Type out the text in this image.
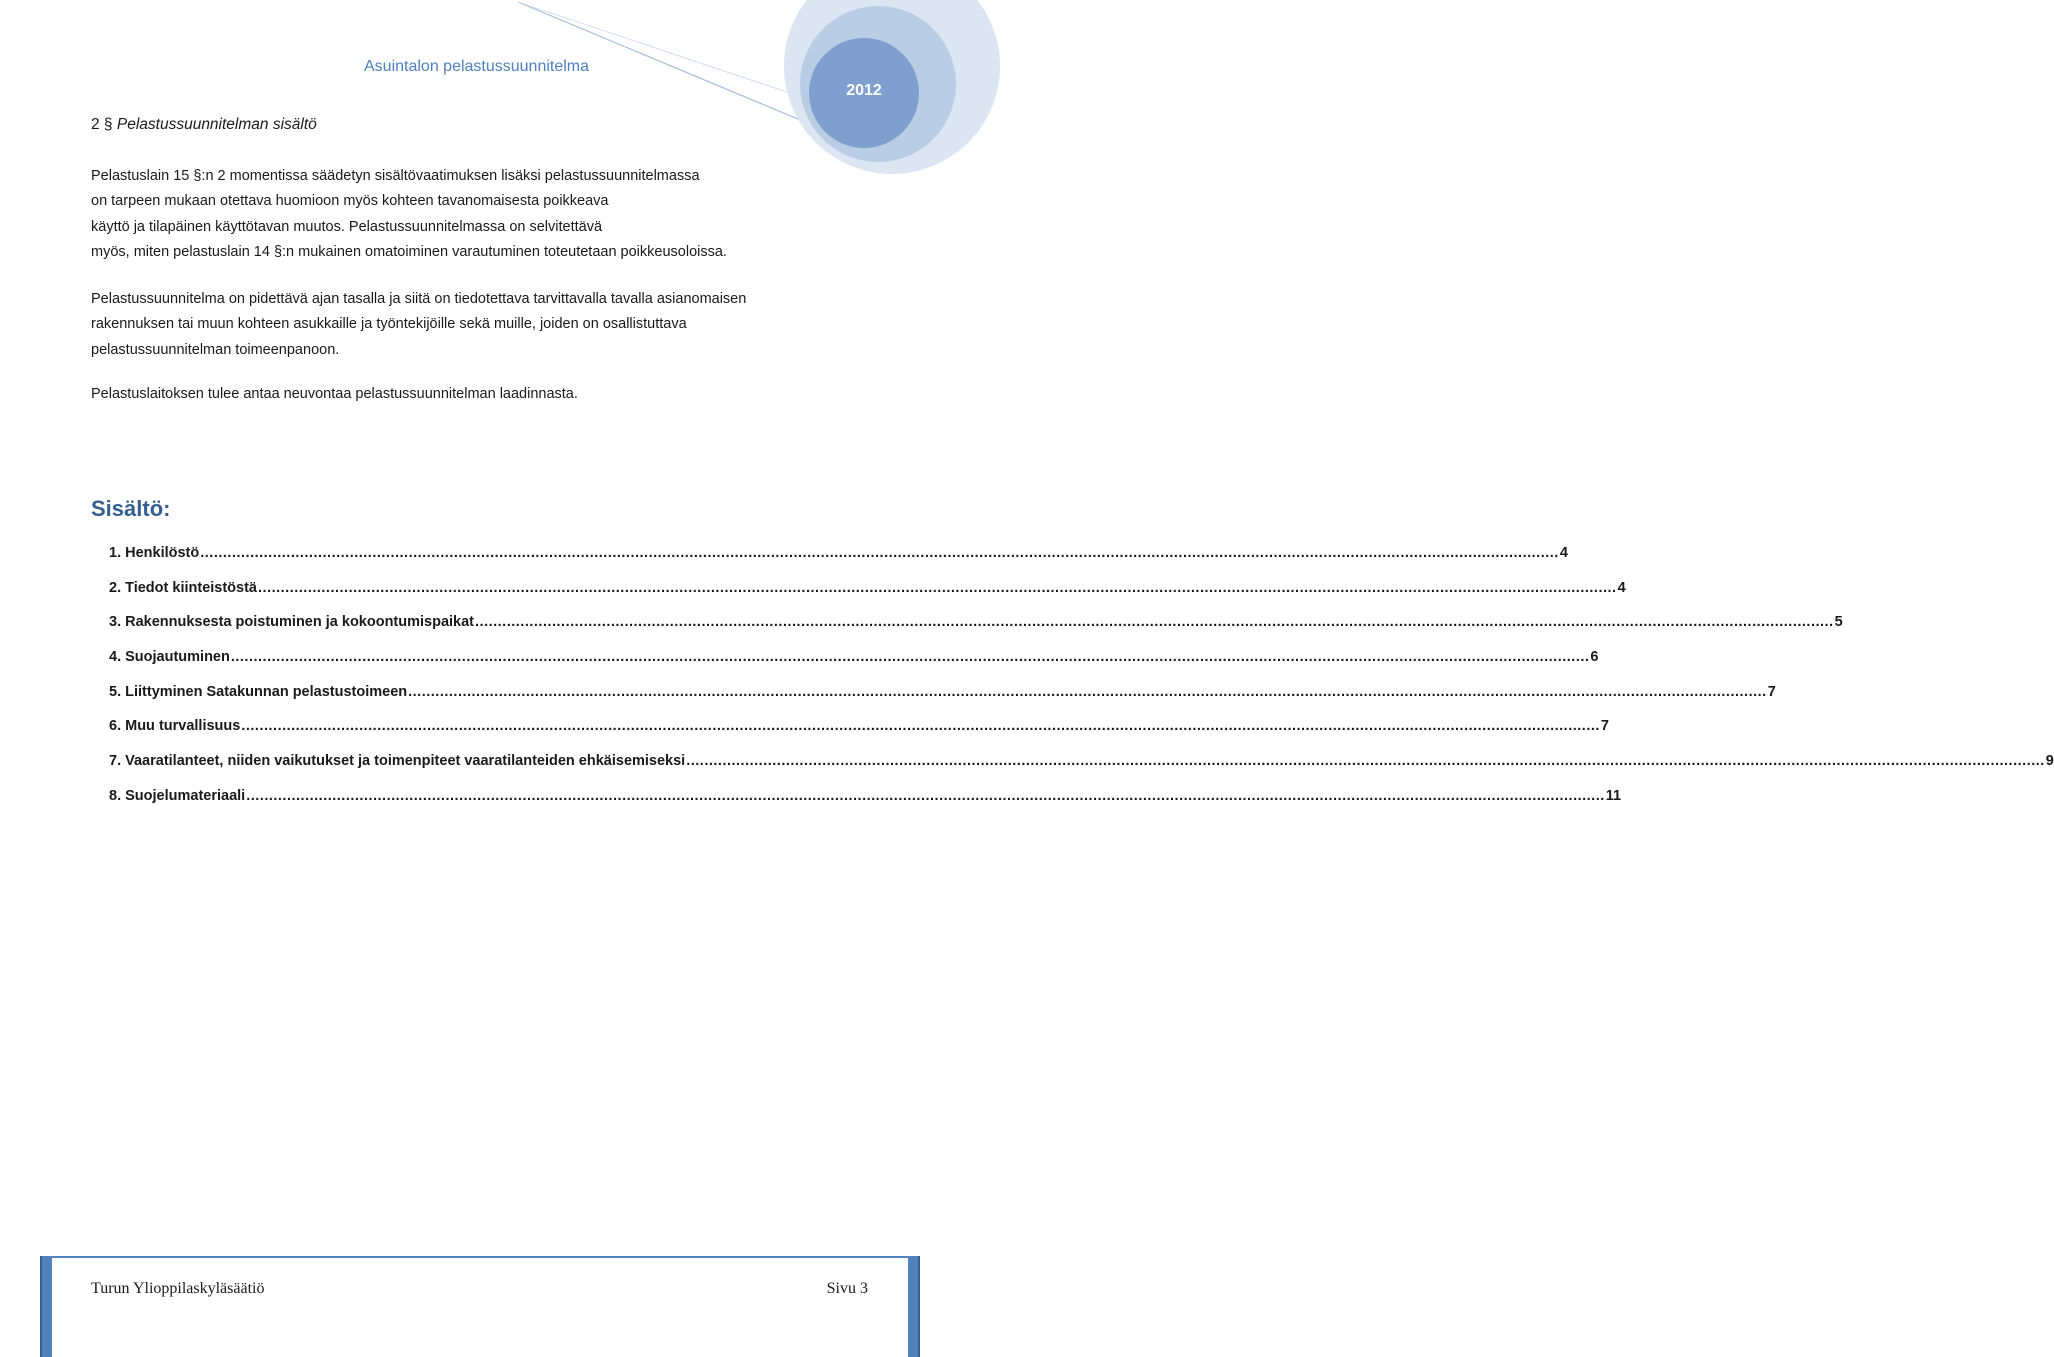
Asuintalon pelastussuunnitelma
2012
2 § Pelastussuunnitelman sisältö
Pelastuslain 15 §:n 2 momentissa säädetyn sisältövaatimuksen lisäksi pelastussuunnitelmassa
on tarpeen mukaan otettava huomioon myös kohteen tavanomaisesta poikkeava
käyttö ja tilapäinen käyttötavan muutos. Pelastussuunnitelmassa on selvitettävä
myös, miten pelastuslain 14 §:n mukainen omatoiminen varautuminen toteutetaan poikkeusoloissa.
Pelastussuunnitelma on pidettävä ajan tasalla ja siitä on tiedotettava tarvittavalla tavalla asianomaisen
rakennuksen tai muun kohteen asukkaille ja työntekijöille sekä muille, joiden on osallistuttava
pelastussuunnitelman toimeenpanoon.
Pelastuslaitoksen tulee antaa neuvontaa pelastussuunnitelman laadinnasta.
Sisältö:
1. Henkilöstö ............................................................................................................................................................................................................................................................................................................ 4
2. Tiedot kiinteistöstä ............................................................................................................................................................................................................................................................................................................ 4
3. Rakennuksesta poistuminen ja kokoontumispaikat ............................................................................................................................................................................................................................................................................................................ 5
4. Suojautuminen ............................................................................................................................................................................................................................................................................................................ 6
5. Liittyminen Satakunnan pelastustoimeen ............................................................................................................................................................................................................................................................................................................ 7
6. Muu turvallisuus ............................................................................................................................................................................................................................................................................................................ 7
7. Vaaratilanteet, niiden vaikutukset ja toimenpiteet vaaratilanteiden ehkäisemiseksi ............................................................................................................................................................................................................................................................................................................ 9
8. Suojelumateriaali ............................................................................................................................................................................................................................................................................................................ 11
Turun Ylioppilaskyläsäätiö	Sivu 3
